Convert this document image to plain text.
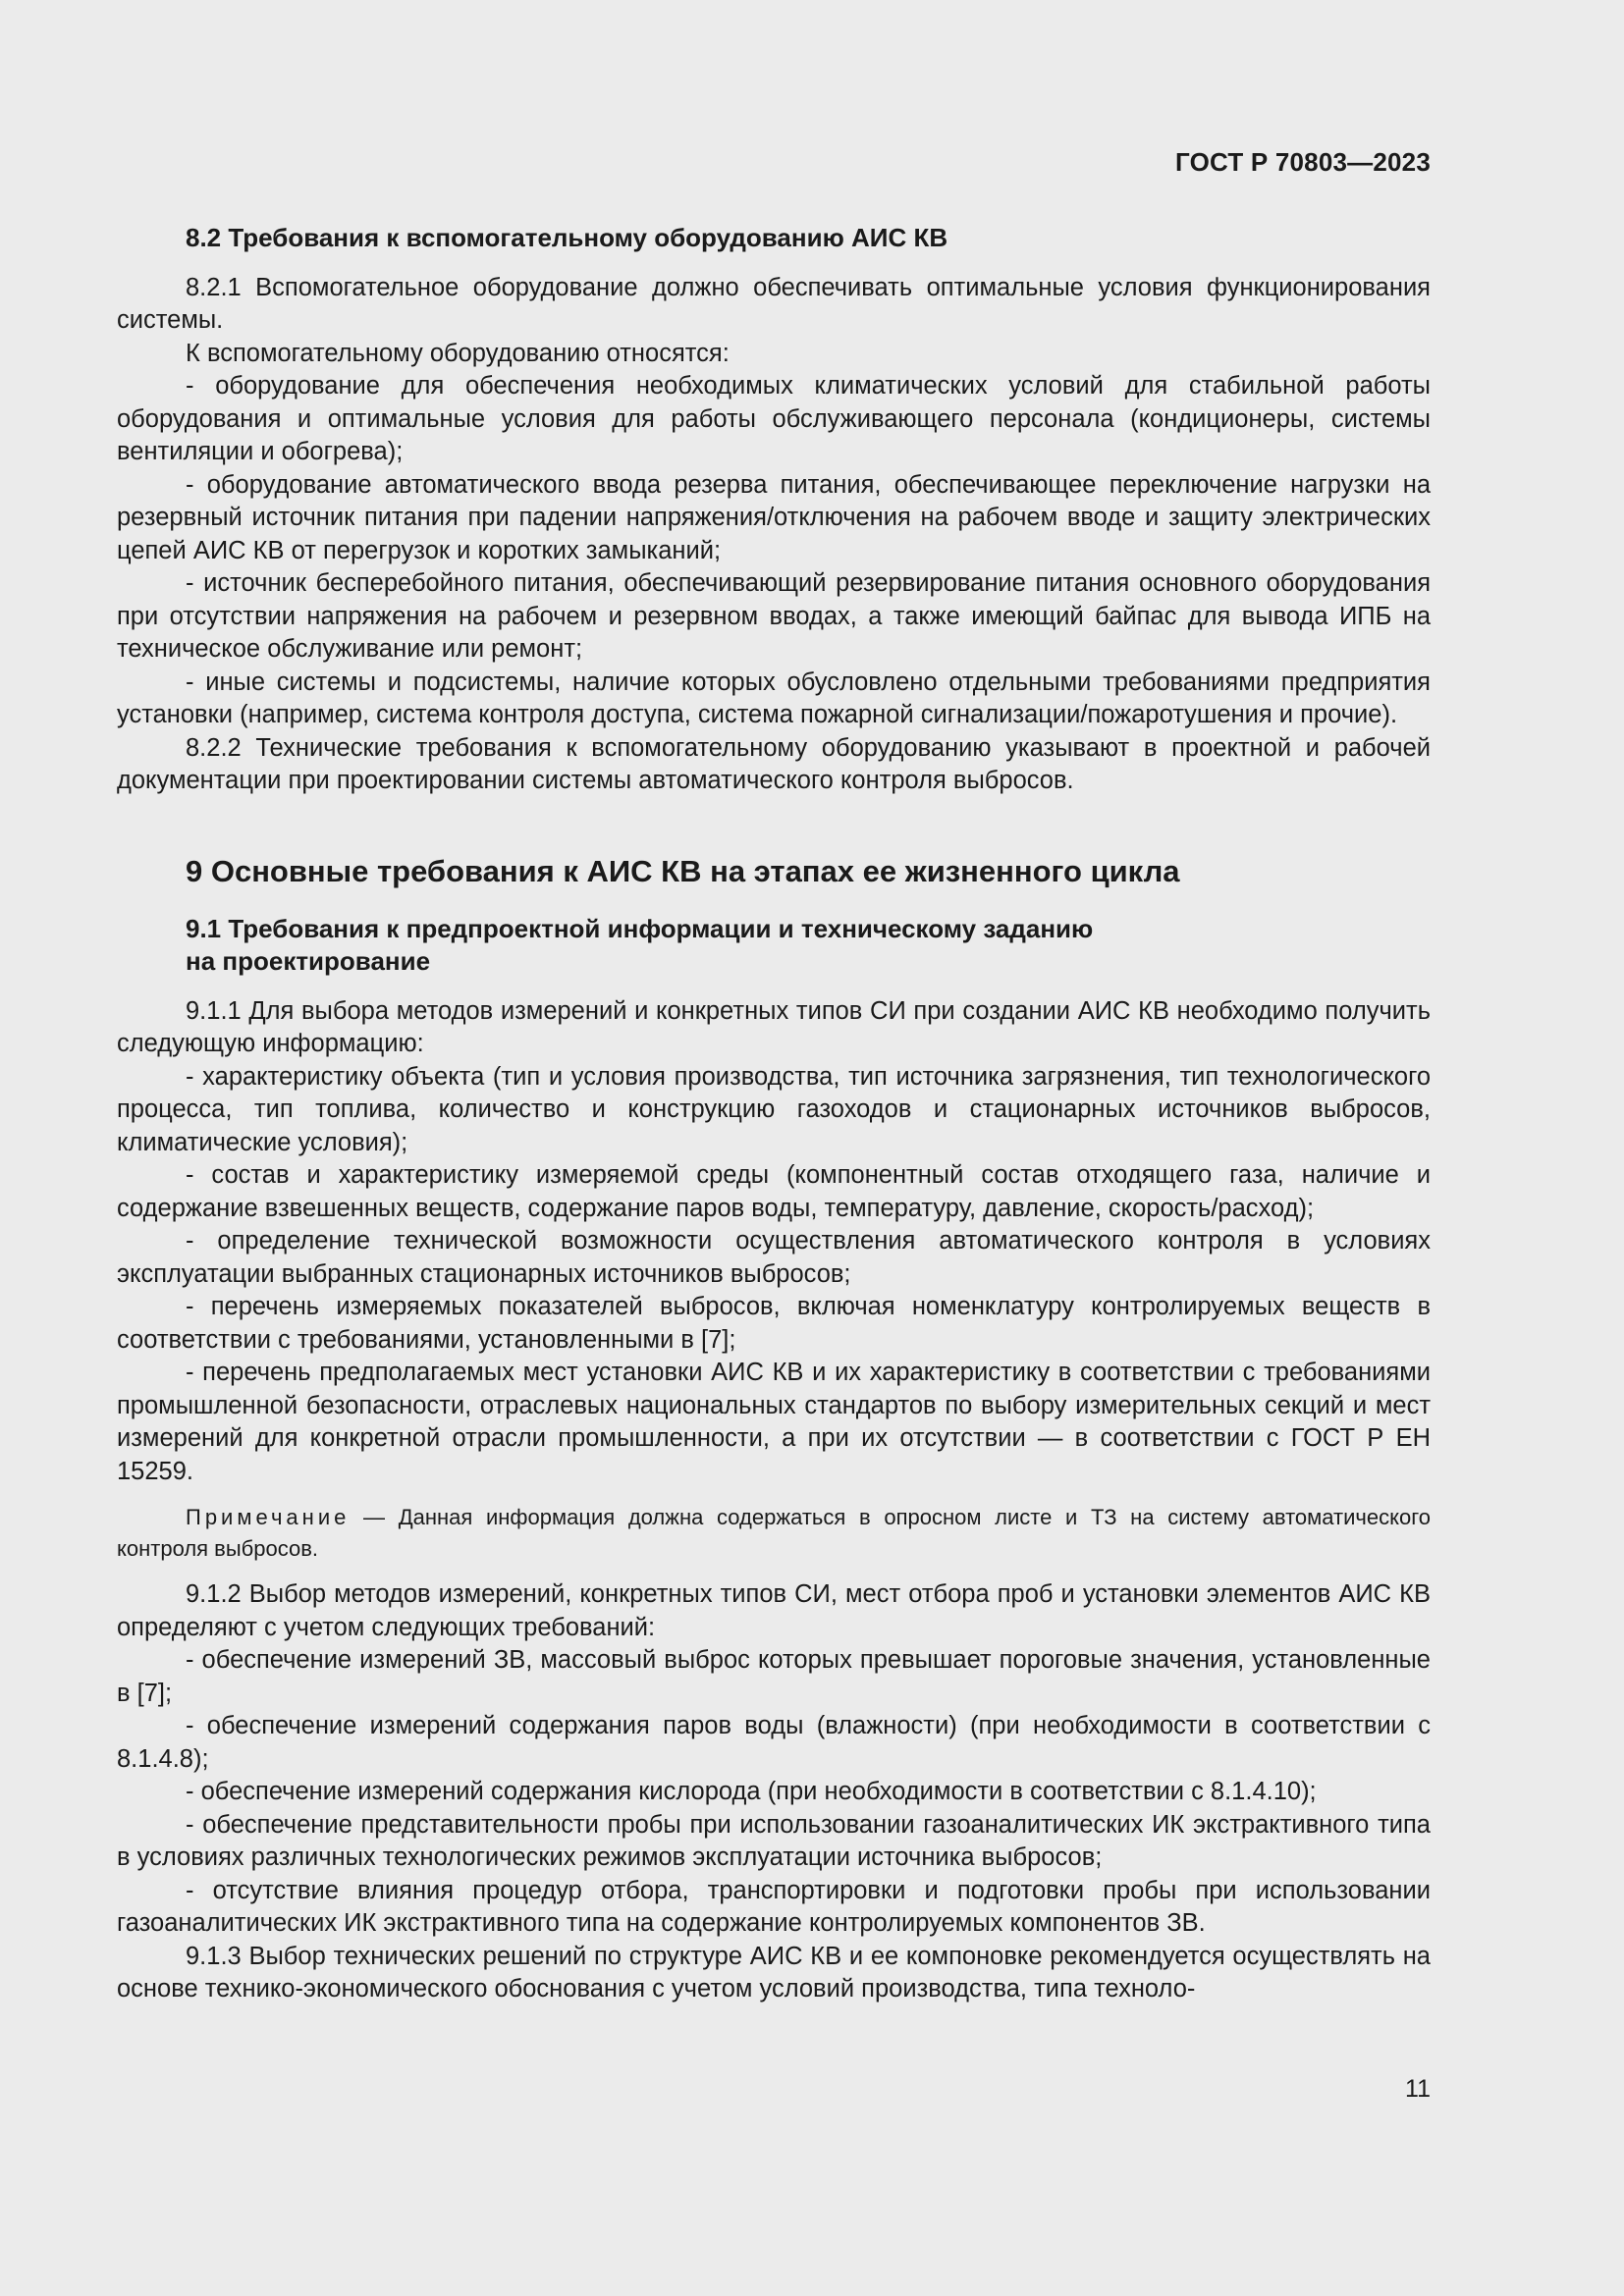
ГОСТ Р 70803—2023
8.2 Требования к вспомогательному оборудованию АИС КВ

8.2.1 Вспомогательное оборудование должно обеспечивать оптимальные условия функционирования системы.

К вспомогательному оборудованию относятся:

- оборудование для обеспечения необходимых климатических условий для стабильной работы оборудования и оптимальные условия для работы обслуживающего персонала (кондиционеры, системы вентиляции и обогрева);

- оборудование автоматического ввода резерва питания, обеспечивающее переключение нагрузки на резервный источник питания при падении напряжения/отключения на рабочем вводе и защиту электрических цепей АИС КВ от перегрузок и коротких замыканий;

- источник бесперебойного питания, обеспечивающий резервирование питания основного оборудования при отсутствии напряжения на рабочем и резервном вводах, а также имеющий байпас для вывода ИПБ на техническое обслуживание или ремонт;

- иные системы и подсистемы, наличие которых обусловлено отдельными требованиями предприятия установки (например, система контроля доступа, система пожарной сигнализации/пожаротушения и прочие).

8.2.2 Технические требования к вспомогательному оборудованию указывают в проектной и рабочей документации при проектировании системы автоматического контроля выбросов.

9 Основные требования к АИС КВ на этапах ее жизненного цикла
9.1 Требования к предпроектной информации и техническому заданию
на проектирование

9.1.1 Для выбора методов измерений и конкретных типов СИ при создании АИС КВ необходимо получить следующую информацию:

- характеристику объекта (тип и условия производства, тип источника загрязнения, тип технологического процесса, тип топлива, количество и конструкцию газоходов и стационарных источников выбросов, климатические условия);

- состав и характеристику измеряемой среды (компонентный состав отходящего газа, наличие и содержание взвешенных веществ, содержание паров воды, температуру, давление, скорость/расход);

- определение технической возможности осуществления автоматического контроля в условиях эксплуатации выбранных стационарных источников выбросов;

- перечень измеряемых показателей выбросов, включая номенклатуру контролируемых веществ в соответствии с требованиями, установленными в [7];

- перечень предполагаемых мест установки АИС КВ и их характеристику в соответствии с требованиями промышленной безопасности, отраслевых национальных стандартов по выбору измерительных секций и мест измерений для конкретной отрасли промышленности, а при их отсутствии — в соответствии с ГОСТ Р ЕН 15259.

Примечание — Данная информация должна содержаться в опросном листе и ТЗ на систему автоматического контроля выбросов.

9.1.2 Выбор методов измерений, конкретных типов СИ, мест отбора проб и установки элементов АИС КВ определяют с учетом следующих требований:

- обеспечение измерений ЗВ, массовый выброс которых превышает пороговые значения, установленные в [7];

- обеспечение измерений содержания паров воды (влажности) (при необходимости в соответствии с 8.1.4.8);

- обеспечение измерений содержания кислорода (при необходимости в соответствии с 8.1.4.10);

- обеспечение представительности пробы при использовании газоаналитических ИК экстрактивного типа в условиях различных технологических режимов эксплуатации источника выбросов;

- отсутствие влияния процедур отбора, транспортировки и подготовки пробы при использовании газоаналитических ИК экстрактивного типа на содержание контролируемых компонентов ЗВ.

9.1.3 Выбор технических решений по структуре АИС КВ и ее компоновке рекомендуется осуществлять на основе технико-экономического обоснования с учетом условий производства, типа техноло-

11
